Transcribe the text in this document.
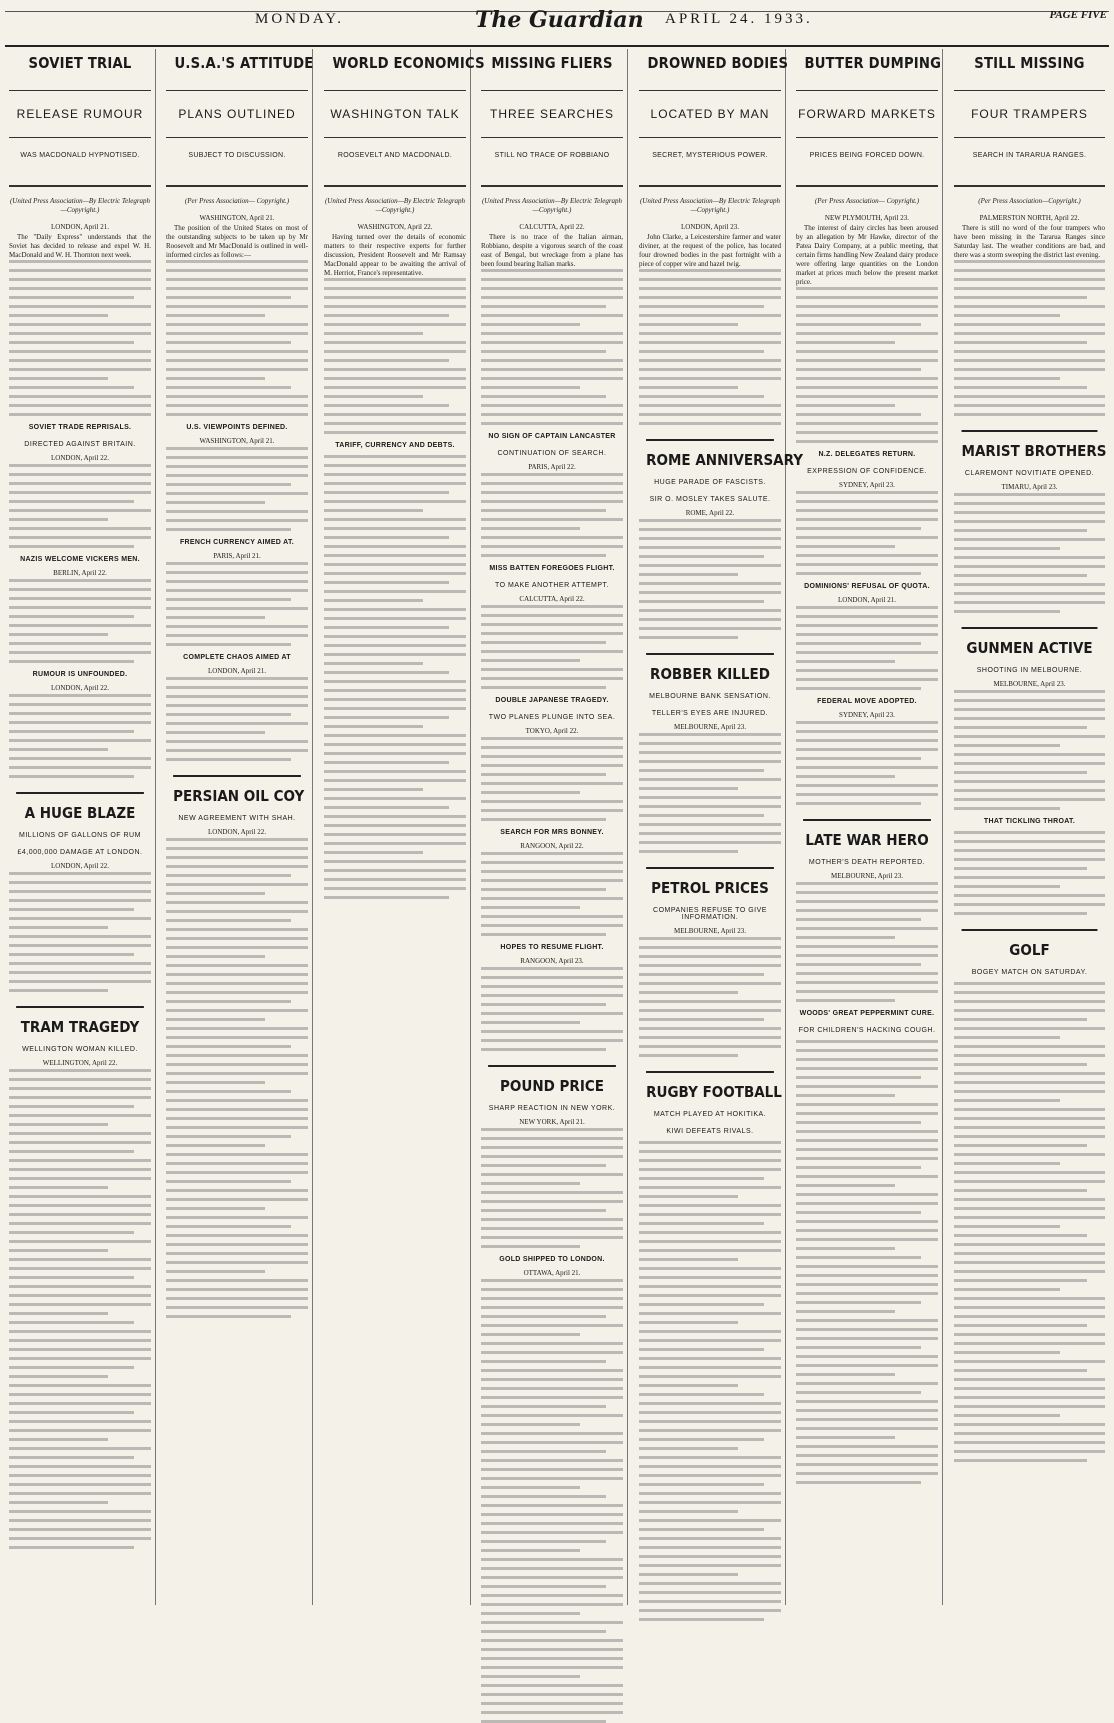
MONDAY.	The Guardian APRIL 24. 1933.	PAGE FIVE
SOVIET TRIAL
RELEASE RUMOUR
WAS MACDONALD HYPNOTISED.
(United Press Association—By Electric Telegraph—Copyright.)
LONDON, April 21.

The "Daily Express" understands that the Soviet has decided to release and expel W. H. MacDonald and W. H. Thornton next week.

SOVIET TRADE REPRISALS.
DIRECTED AGAINST BRITAIN.
LONDON, April 22.
NAZIS WELCOME VICKERS MEN.
BERLIN, April 22.
RUMOUR IS UNFOUNDED.
LONDON, April 22.
A HUGE BLAZE
MILLIONS OF GALLONS OF RUM
£4,000,000 DAMAGE AT LONDON.
LONDON, April 22.
TRAM TRAGEDY
WELLINGTON WOMAN KILLED.
WELLINGTON, April 22.
U.S.A.'S ATTITUDE
PLANS OUTLINED
SUBJECT TO DISCUSSION.
(Per Press Association— Copyright.)
WASHINGTON, April 21.

The position of the United States on most of the outstanding subjects to be taken up by Mr Roosevelt and Mr MacDonald is outlined in well-informed circles as follows:—

U.S. VIEWPOINTS DEFINED.
WASHINGTON, April 21.
FRENCH CURRENCY AIMED AT.
PARIS, April 21.
COMPLETE CHAOS AIMED AT
LONDON, April 21.
PERSIAN OIL COY
NEW AGREEMENT WITH SHAH.
LONDON, April 22.
WORLD ECONOMICS
WASHINGTON TALK
ROOSEVELT AND MACDONALD.
(United Press Association—By Electric Telegraph—Copyright.)
WASHINGTON, April 22.

Having turned over the details of economic matters to their respective experts for further discussion, President Roosevelt and Mr Ramsay MacDonald appear to be awaiting the arrival of M. Herriot, France's representative.

TARIFF, CURRENCY AND DEBTS.
MISSING FLIERS
THREE SEARCHES
STILL NO TRACE OF ROBBIANO
(United Press Association—By Electric Telegraph—Copyright.)
CALCUTTA, April 22.

There is no trace of the Italian airman, Robbiano, despite a vigorous search of the coast east of Bengal, but wreckage from a plane has been found bearing Italian marks.

NO SIGN OF CAPTAIN LANCASTER
CONTINUATION OF SEARCH.
PARIS, April 22.
MISS BATTEN FOREGOES FLIGHT.
TO MAKE ANOTHER ATTEMPT.
CALCUTTA, April 22.
DOUBLE JAPANESE TRAGEDY.
TWO PLANES PLUNGE INTO SEA.
TOKYO, April 22.
SEARCH FOR MRS BONNEY.
RANGOON, April 22.
HOPES TO RESUME FLIGHT.
RANGOON, April 23.
POUND PRICE
SHARP REACTION IN NEW YORK.
NEW YORK, April 21.
GOLD SHIPPED TO LONDON.
OTTAWA, April 21.
DROWNED BODIES
LOCATED BY MAN
SECRET, MYSTERIOUS POWER.
(United Press Association—By Electric Telegraph—Copyright.)
LONDON, April 23.

John Clarke, a Leicestershire farmer and water diviner, at the request of the police, has located four drowned bodies in the past fortnight with a piece of copper wire and hazel twig.

ROME ANNIVERSARY
HUGE PARADE OF FASCISTS.
SIR O. MOSLEY TAKES SALUTE.
ROME, April 22.
ROBBER KILLED
MELBOURNE BANK SENSATION.
TELLER'S EYES ARE INJURED.
MELBOURNE, April 23.
PETROL PRICES
COMPANIES REFUSE TO GIVE INFORMATION.
MELBOURNE, April 23.
RUGBY FOOTBALL
MATCH PLAYED AT HOKITIKA.
KIWI DEFEATS RIVALS.
BUTTER DUMPING
FORWARD MARKETS
PRICES BEING FORCED DOWN.
(Per Press Association— Copyright.)
NEW PLYMOUTH, April 23.

The interest of dairy circles has been aroused by an allegation by Mr Hawke, director of the Patea Dairy Company, at a public meeting, that certain firms handling New Zealand dairy produce were offering large quantities on the London market at prices much below the present market price.

N.Z. DELEGATES RETURN.
EXPRESSION OF CONFIDENCE.
SYDNEY, April 23.
DOMINIONS' REFUSAL OF QUOTA.
LONDON, April 21.
FEDERAL MOVE ADOPTED.
SYDNEY, April 23.
LATE WAR HERO
MOTHER'S DEATH REPORTED.
MELBOURNE, April 23.
WOODS' GREAT PEPPERMINT CURE.
FOR CHILDREN'S HACKING COUGH.
STILL MISSING
FOUR TRAMPERS
SEARCH IN TARARUA RANGES.
(Per Press Association—Copyright.)
PALMERSTON NORTH, April 22.

There is still no word of the four trampers who have been missing in the Tararua Ranges since Saturday last. The weather conditions are bad, and there was a storm sweeping the district last evening.

MARIST BROTHERS
CLAREMONT NOVITIATE OPENED.
TIMARU, April 23.
GUNMEN ACTIVE
SHOOTING IN MELBOURNE.
MELBOURNE, April 23.
THAT TICKLING THROAT.
GOLF
BOGEY MATCH ON SATURDAY.
